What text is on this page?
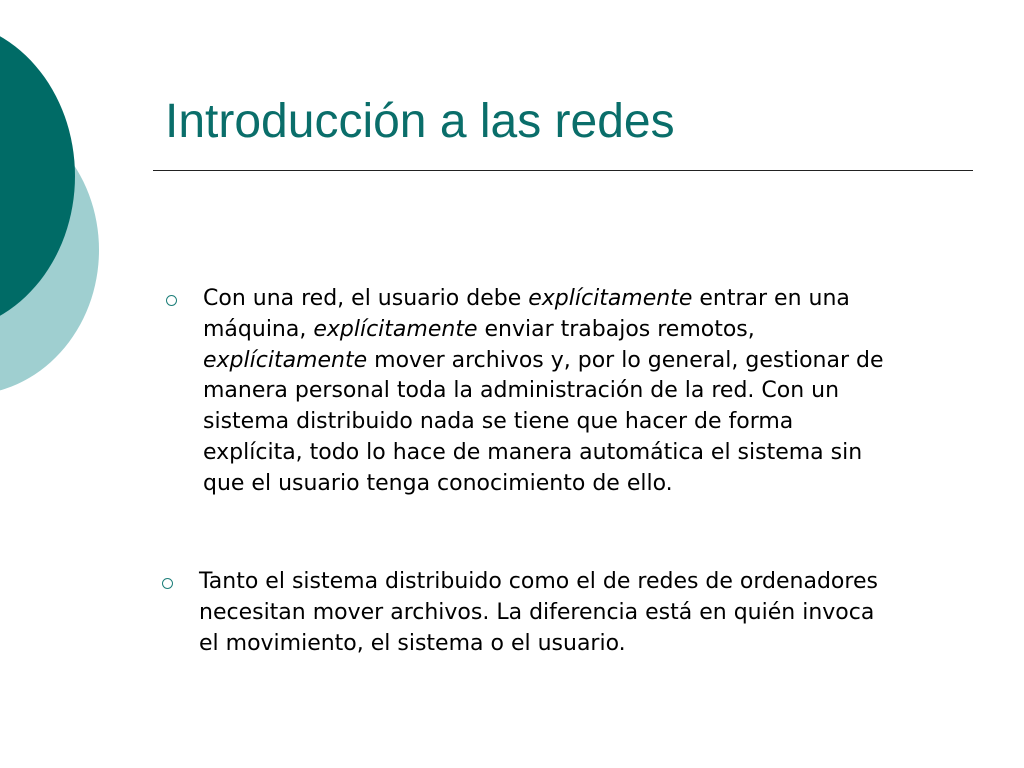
Introducción a las redes
Con una red, el usuario debe explícitamente entrar en una máquina, explícitamente enviar trabajos remotos, explícitamente mover archivos y, por lo general, gestionar de manera personal toda la administración de la red. Con un sistema distribuido nada se tiene que hacer de forma explícita, todo lo hace de manera automática el sistema sin que el usuario tenga conocimiento de ello.
Tanto el sistema distribuido como el de redes de ordenadores necesitan mover archivos. La diferencia está en quién invoca el movimiento, el sistema o el usuario.
